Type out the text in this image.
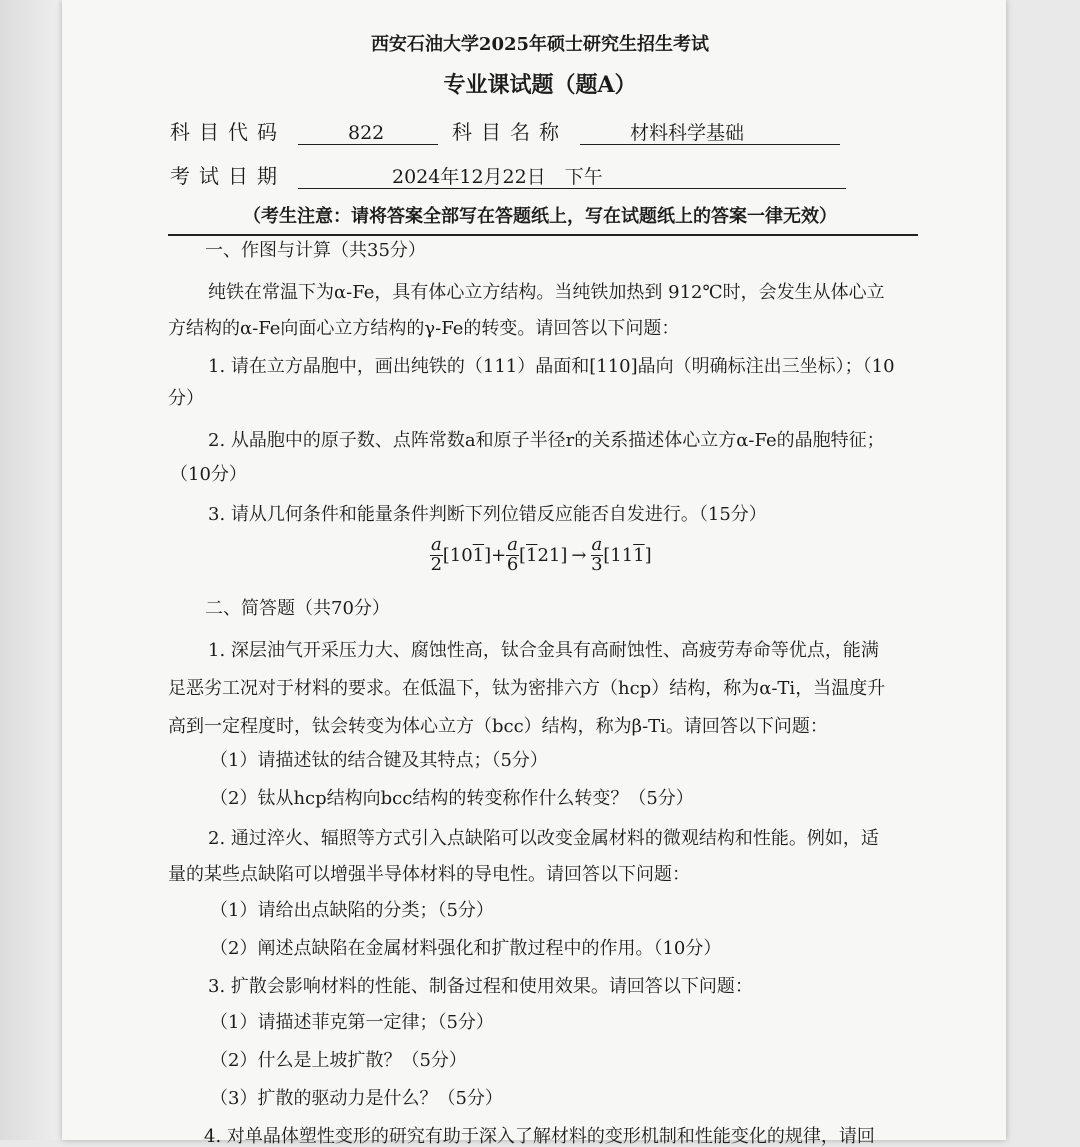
西安石油大学2025年硕士研究生招生考试
专业课试题（题A）
科目代码	822	科目名称	材料科学基础
考试日期	2024年12月22日　下午
（考生注意：请将答案全部写在答题纸上，写在试题纸上的答案一律无效）
一、作图与计算（共35分）
纯铁在常温下为α-Fe，具有体心立方结构。当纯铁加热到 912℃时，会发生从体心立
方结构的α-Fe向面心立方结构的γ-Fe的转变。请回答以下问题：
1. 请在立方晶胞中，画出纯铁的（111）晶面和[110]晶向（明确标注出三坐标）；（10
分）
2. 从晶胞中的原子数、点阵常数a和原子半径r的关系描述体心立方α-Fe的晶胞特征；
（10分）
3. 请从几何条件和能量条件判断下列位错反应能否自发进行。（15分）
$\frac{a}{2} [101]+ \frac{a}{6} [121] \to \frac{a}{3} [111]$
二、简答题（共70分）
1. 深层油气开采压力大、腐蚀性高，钛合金具有高耐蚀性、高疲劳寿命等优点，能满
足恶劣工况对于材料的要求。在低温下，钛为密排六方（hcp）结构，称为α-Ti，当温度升
高到一定程度时，钛会转变为体心立方（bcc）结构，称为β-Ti。请回答以下问题：
（1）请描述钛的结合键及其特点；（5分）
（2）钛从hcp结构向bcc结构的转变称作什么转变？（5分）
2. 通过淬火、辐照等方式引入点缺陷可以改变金属材料的微观结构和性能。例如，适
量的某些点缺陷可以增强半导体材料的导电性。请回答以下问题：
（1）请给出点缺陷的分类；（5分）
（2）阐述点缺陷在金属材料强化和扩散过程中的作用。（10分）
3. 扩散会影响材料的性能、制备过程和使用效果。请回答以下问题：
（1）请描述菲克第一定律；（5分）
（2）什么是上坡扩散？（5分）
（3）扩散的驱动力是什么？（5分）
4. 对单晶体塑性变形的研究有助于深入了解材料的变形机制和性能变化的规律，请回
